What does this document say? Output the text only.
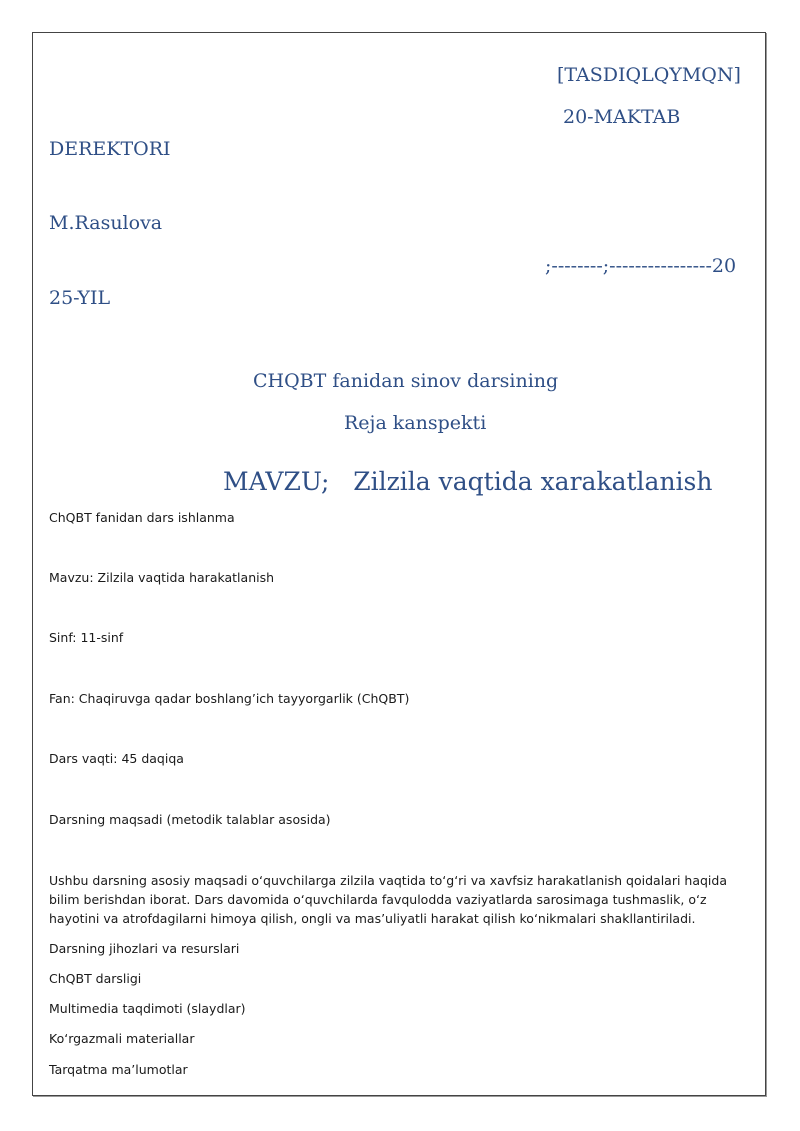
[TASDIQLQYMQN]

20-MAKTAB

DEREKTORI

M.Rasulova

;--------;----------------20

25-YIL

CHQBT fanidan sinov darsining

Reja kanspekti

MAVZU;   Zilzila vaqtida xarakatlanish

ChQBT fanidan dars ishlanma

Mavzu: Zilzila vaqtida harakatlanish

Sinf: 11-sinf

Fan: Chaqiruvga qadar boshlang’ich tayyorgarlik (ChQBT)

Dars vaqti: 45 daqiqa

Darsning maqsadi (metodik talablar asosida)

Ushbu darsning asosiy maqsadi o‘quvchilarga zilzila vaqtida to‘g‘ri va xavfsiz harakatlanish qoidalari haqida bilim berishdan iborat. Dars davomida o‘quvchilarda favqulodda vaziyatlarda sarosimaga tushmaslik, o‘z hayotini va atrofdagilarni himoya qilish, ongli va mas’uliyatli harakat qilish ko‘nikmalari shakllantiriladi.

Darsning jihozlari va resurslari

ChQBT darsligi

Multimedia taqdimoti (slaydlar)

Ko‘rgazmali materiallar

Tarqatma ma’lumotlar
